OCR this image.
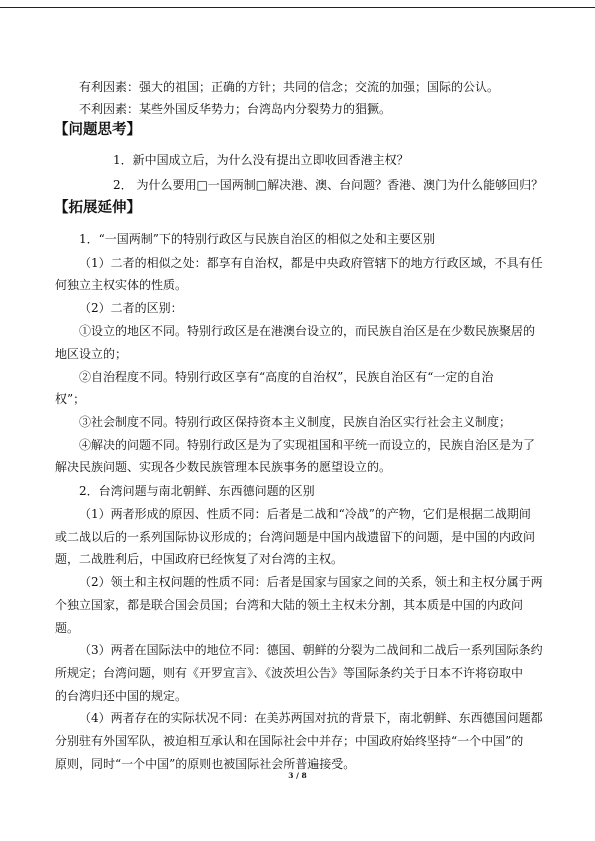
有利因素：强大的祖国；正确的方针；共同的信念；交流的加强；国际的公认。
不利因素：某些外国反华势力；台湾岛内分裂势力的猖獗。
【问题思考】
1．新中国成立后，为什么没有提出立即收回香港主权？
2． 为什么要用□一国两制□解决港、澳、台问题？香港、澳门为什么能够回归？
【拓展延伸】
1．“一国两制”下的特别行政区与民族自治区的相似之处和主要区别
（1）二者的相似之处：都享有自治权，都是中央政府管辖下的地方行政区域，不具有任
何独立主权实体的性质。
（2）二者的区别：
①设立的地区不同。特别行政区是在港澳台设立的，而民族自治区是在少数民族聚居的
地区设立的；
②自治程度不同。特别行政区享有“高度的自治权”，民族自治区有“一定的自治
权”；
③社会制度不同。特别行政区保持资本主义制度，民族自治区实行社会主义制度；
④解决的问题不同。特别行政区是为了实现祖国和平统一而设立的，民族自治区是为了
解决民族问题、实现各少数民族管理本民族事务的愿望设立的。
2．台湾问题与南北朝鲜、东西德问题的区别
（1）两者形成的原因、性质不同：后者是二战和“冷战”的产物，它们是根据二战期间
或二战以后的一系列国际协议形成的；台湾问题是中国内战遗留下的问题，是中国的内政问
题，二战胜利后，中国政府已经恢复了对台湾的主权。
（2）领土和主权问题的性质不同：后者是国家与国家之间的关系，领土和主权分属于两
个独立国家，都是联合国会员国；台湾和大陆的领土主权未分割，其本质是中国的内政问
题。
（3）两者在国际法中的地位不同：德国、朝鲜的分裂为二战间和二战后一系列国际条约
所规定；台湾问题，则有《开罗宣言》、《波茨坦公告》等国际条约关于日本不许将窃取中
的台湾归还中国的规定。
（4）两者存在的实际状况不同：在美苏两国对抗的背景下，南北朝鲜、东西德国问题都
分别驻有外国军队，被迫相互承认和在国际社会中并存；中国政府始终坚持“一个中国”的
原则，同时“一个中国”的原则也被国际社会所普遍接受。
3 / 8
